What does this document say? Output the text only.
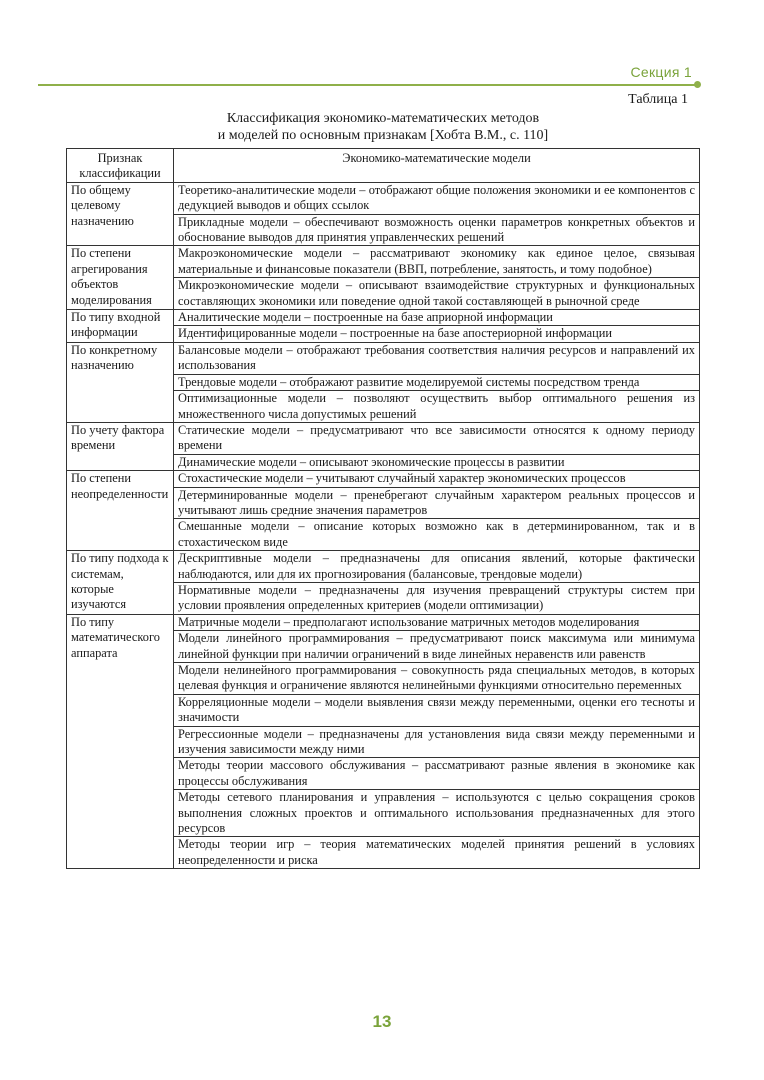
Секция 1
Таблица 1
Классификация экономико-математических методов
и моделей по основным признакам [Хобта В.М., с. 110]
Признак классификации	Экономико-математические модели
По общему целевому назначению	Теоретико-аналитические модели – отображают общие положения экономики и ее компонентов с дедукцией выводов и общих ссылок
	Прикладные модели – обеспечивают возможность оценки параметров конкретных объектов и обоснование выводов для принятия управленческих решений
По степени агрегирования объектов моделирования	Макроэкономические модели – рассматривают экономику как единое целое, связывая материальные и финансовые показатели (ВВП, потребление, занятость, и тому подобное)
	Микроэкономические модели – описывают взаимодействие структурных и функциональных составляющих экономики или поведение одной такой составляющей в рыночной среде
По типу входной информации	Аналитические модели – построенные на базе априорной информации
	Идентифицированные модели – построенные на базе апостериорной информации
По конкретному назначению	Балансовые модели – отображают требования соответствия наличия ресурсов и направлений их использования
	Трендовые модели – отображают развитие моделируемой системы посредством тренда
	Оптимизационные модели – позволяют осуществить выбор оптимального решения из множественного числа допустимых решений
По учету фактора времени	Статические модели – предусматривают что все зависимости относятся к одному периоду времени
	Динамические модели – описывают экономические процессы в развитии
По степени неопределенности	Стохастические модели – учитывают случайный характер экономических процессов
	Детерминированные модели – пренебрегают случайным характером реальных процессов и учитывают лишь средние значения параметров
	Смешанные модели – описание которых возможно как в детерминированном, так и в стохастическом виде
По типу подхода к системам, которые изучаются	Дескриптивные модели – предназначены для описания явлений, которые фактически наблюдаются, или для их прогнозирования (балансовые, трендовые модели)
	Нормативные модели – предназначены для изучения превращений структуры систем при условии проявления определенных критериев (модели оптимизации)
По типу математического аппарата	Матричные модели – предполагают использование матричных методов моделирования
	Модели линейного программирования – предусматривают поиск максимума или минимума линейной функции при наличии ограничений в виде линейных неравенств или равенств
	Модели нелинейного программирования – совокупность ряда специальных методов, в которых целевая функция и ограничение являются нелинейными функциями относительно переменных
	Корреляционные модели – модели выявления связи между переменными, оценки его тесноты и значимости
	Регрессионные модели – предназначены для установления вида связи между переменными и изучения зависимости между ними
	Методы теории массового обслуживания – рассматривают разные явления в экономике как процессы обслуживания
	Методы сетевого планирования и управления – используются с целью сокращения сроков выполнения сложных проектов и оптимального использования предназначенных для этого ресурсов
	Методы теории игр – теория математических моделей принятия решений в условиях неопределенности и риска
13
